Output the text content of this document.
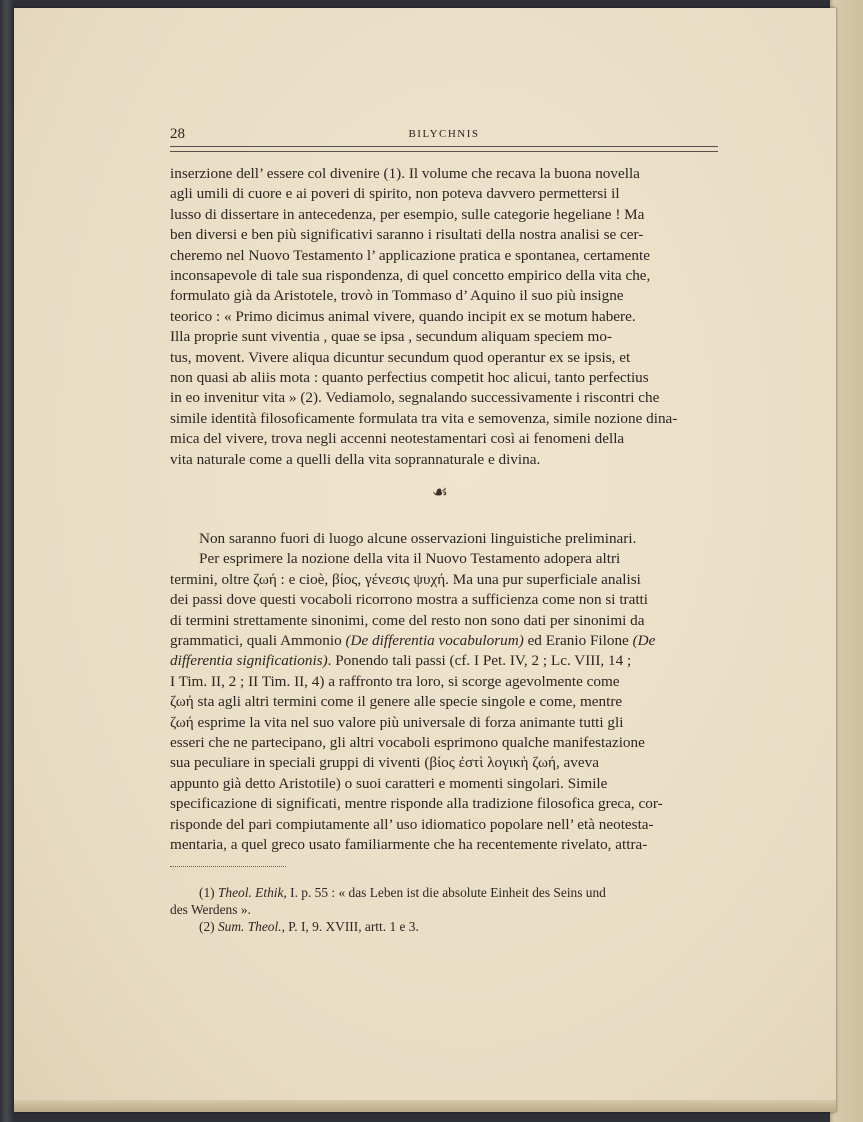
28	BILYCHNIS

inserzione dell’ essere col divenire (1). Il volume che recava la buona novella

agli umili di cuore e ai poveri di spirito, non poteva davvero permettersi il

lusso di dissertare in antecedenza, per esempio, sulle categorie hegeliane ! Ma

ben diversi e ben più significativi saranno i risultati della nostra analisi se cer-

cheremo nel Nuovo Testamento l’ applicazione pratica e spontanea, certamente

inconsapevole di tale sua rispondenza, di quel concetto empirico della vita che,

formulato già da Aristotele, trovò in Tommaso d’ Aquino il suo più insigne

teorico : « Primo dicimus animal vivere, quando incipit ex se motum habere.

Illa proprie sunt viventia , quae se ipsa , secundum aliquam speciem mo-

tus, movent. Vivere aliqua dicuntur secundum quod operantur ex se ipsis, et

non quasi ab aliis mota : quanto perfectius competit hoc alicui, tanto perfectius

in eo invenitur vita » (2). Vediamolo, segnalando successivamente i riscontri che

simile identità filosoficamente formulata tra vita e semovenza, simile nozione dina-

mica del vivere, trova negli accenni neotestamentari così ai fenomeni della

vita naturale come a quelli della vita soprannaturale e divina.

☙

Non saranno fuori di luogo alcune osservazioni linguistiche preliminari.

Per esprimere la nozione della vita il Nuovo Testamento adopera altri

termini, oltre ζωή : e cioè, βίος, γένεσις ψυχή. Ma una pur superficiale analisi

dei passi dove questi vocaboli ricorrono mostra a sufficienza come non si tratti

di termini strettamente sinonimi, come del resto non sono dati per sinonimi da

grammatici, quali Ammonio (De differentia vocabulorum) ed Eranio Filone (De

differentia significationis). Ponendo tali passi (cf. I Pet. IV, 2 ; Lc. VIII, 14 ;

I Tim. II, 2 ; II Tim. II, 4) a raffronto tra loro, si scorge agevolmente come

ζωή sta agli altri termini come il genere alle specie singole e come, mentre

ζωή esprime la vita nel suo valore più universale di forza animante tutti gli

esseri che ne partecipano, gli altri vocaboli esprimono qualche manifestazione

sua peculiare in speciali gruppi di viventi (βίος ἐστὶ λογικὴ ζωή, aveva

appunto già detto Aristotile) o suoi caratteri e momenti singolari. Simile

specificazione di significati, mentre risponde alla tradizione filosofica greca, cor-

risponde del pari compiutamente all’ uso idiomatico popolare nell’ età neotesta-

mentaria, a quel greco usato familiarmente che ha recentemente rivelato, attra-

(1) Theol. Ethik, I. p. 55 : « das Leben ist die absolute Einheit des Seins und

des Werdens ».

(2) Sum. Theol., P. I, 9. XVIII, artt. 1 e 3.
